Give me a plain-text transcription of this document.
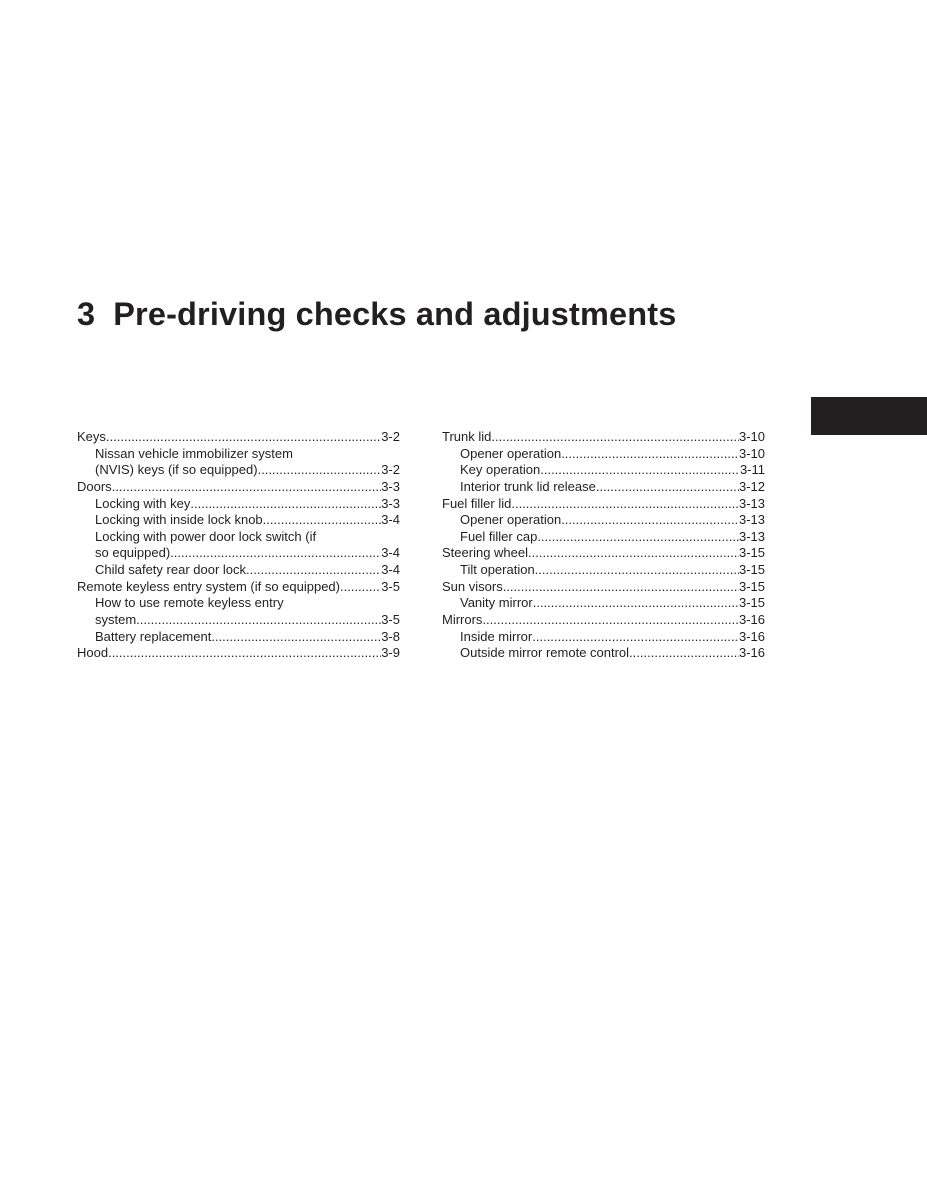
3 Pre-driving checks and adjustments
Keys .....	3-2
Nissan vehicle immobilizer system
(NVIS) keys (if so equipped) .....	3-2
Doors .....	3-3
Locking with key .....	3-3
Locking with inside lock knob .....	3-4
Locking with power door lock switch (if
so equipped) .....	3-4
Child safety rear door lock .....	3-4
Remote keyless entry system (if so equipped) .....	3-5
How to use remote keyless entry
system .....	3-5
Battery replacement .....	3-8
Hood .....	3-9
Trunk lid .....	3-10
Opener operation .....	3-10
Key operation .....	3-11
Interior trunk lid release .....	3-12
Fuel filler lid .....	3-13
Opener operation .....	3-13
Fuel filler cap .....	3-13
Steering wheel .....	3-15
Tilt operation .....	3-15
Sun visors .....	3-15
Vanity mirror .....	3-15
Mirrors .....	3-16
Inside mirror .....	3-16
Outside mirror remote control .....	3-16
